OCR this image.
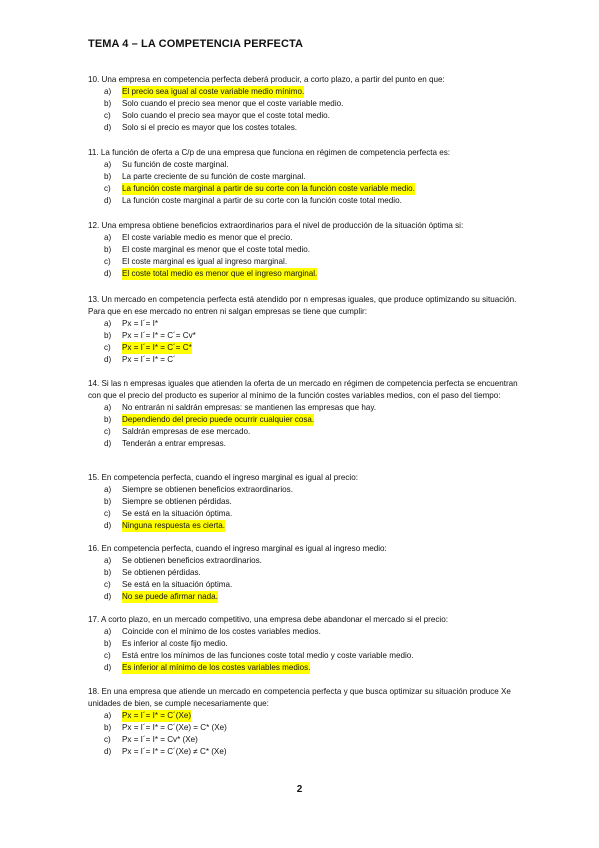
TEMA 4 – LA COMPETENCIA PERFECTA

10. Una empresa en competencia perfecta deberá producir, a corto plazo, a partir del punto en que:

a)	El precio sea igual al coste variable medio mínimo.
b)	Solo cuando el precio sea menor que el coste variable medio.
c)	Solo cuando el precio sea mayor que el coste total medio.
d)	Solo si el precio es mayor que los costes totales.

11. La función de oferta a C/p de una empresa que funciona en régimen de competencia perfecta es:

a)	Su función de coste marginal.
b)	La parte creciente de su función de coste marginal.
c)	La función coste marginal a partir de su corte con la función coste variable medio.
d)	La función coste marginal a partir de su corte con la función coste total medio.

12. Una empresa obtiene beneficios extraordinarios para el nivel de producción de la situación óptima si:

a)	El coste variable medio es menor que el precio.
b)	El coste marginal es menor que el coste total medio.
c)	El coste marginal es igual al ingreso marginal.
d)	El coste total medio es menor que el ingreso marginal.

13. Un mercado en competencia perfecta está atendido por n empresas iguales, que produce optimizando su situación. Para que en ese mercado no entren ni salgan empresas se tiene que cumplir:

a)	Px = I´= I*
b)	Px = I´= I* = C´= Cv*
c)	Px = I´= I* = C´= C*
d)	Px = I´= I* = C´

14. Si las n empresas iguales que atienden la oferta de un mercado en régimen de competencia perfecta se encuentran con que el precio del producto es superior al mínimo de la función costes variables medios, con el paso del tiempo:

a)	No entrarán ni saldrán empresas: se mantienen las empresas que hay.
b)	Dependiendo del precio puede ocurrir cualquier cosa.
c)	Saldrán empresas de ese mercado.
d)	Tenderán a entrar empresas.

15. En competencia perfecta, cuando el ingreso marginal es igual al precio:

a)	Siempre se obtienen beneficios extraordinarios.
b)	Siempre se obtienen pérdidas.
c)	Se está en la situación óptima.
d)	Ninguna respuesta es cierta.

16. En competencia perfecta, cuando el ingreso marginal es igual al ingreso medio:

a)	Se obtienen beneficios extraordinarios.
b)	Se obtienen pérdidas.
c)	Se está en la situación óptima.
d)	No se puede afirmar nada.

17. A corto plazo, en un mercado competitivo, una empresa debe abandonar el mercado si el precio:

a)	Coincide con el mínimo de los costes variables medios.
b)	Es inferior al coste fijo medio.
c)	Está entre los mínimos de las funciones coste total medio y coste variable medio.
d)	Es inferior al mínimo de los costes variables medios.

18. En una empresa que atiende un mercado en competencia perfecta y que busca optimizar su situación produce Xe unidades de bien, se cumple necesariamente que:

a)	Px = I´= I* = C´(Xe)
b)	Px = I´= I* = C´(Xe) = C* (Xe)
c)	Px = I´= I* = Cv* (Xe)
d)	Px = I´= I* = C´(Xe) ≠ C* (Xe)
2
